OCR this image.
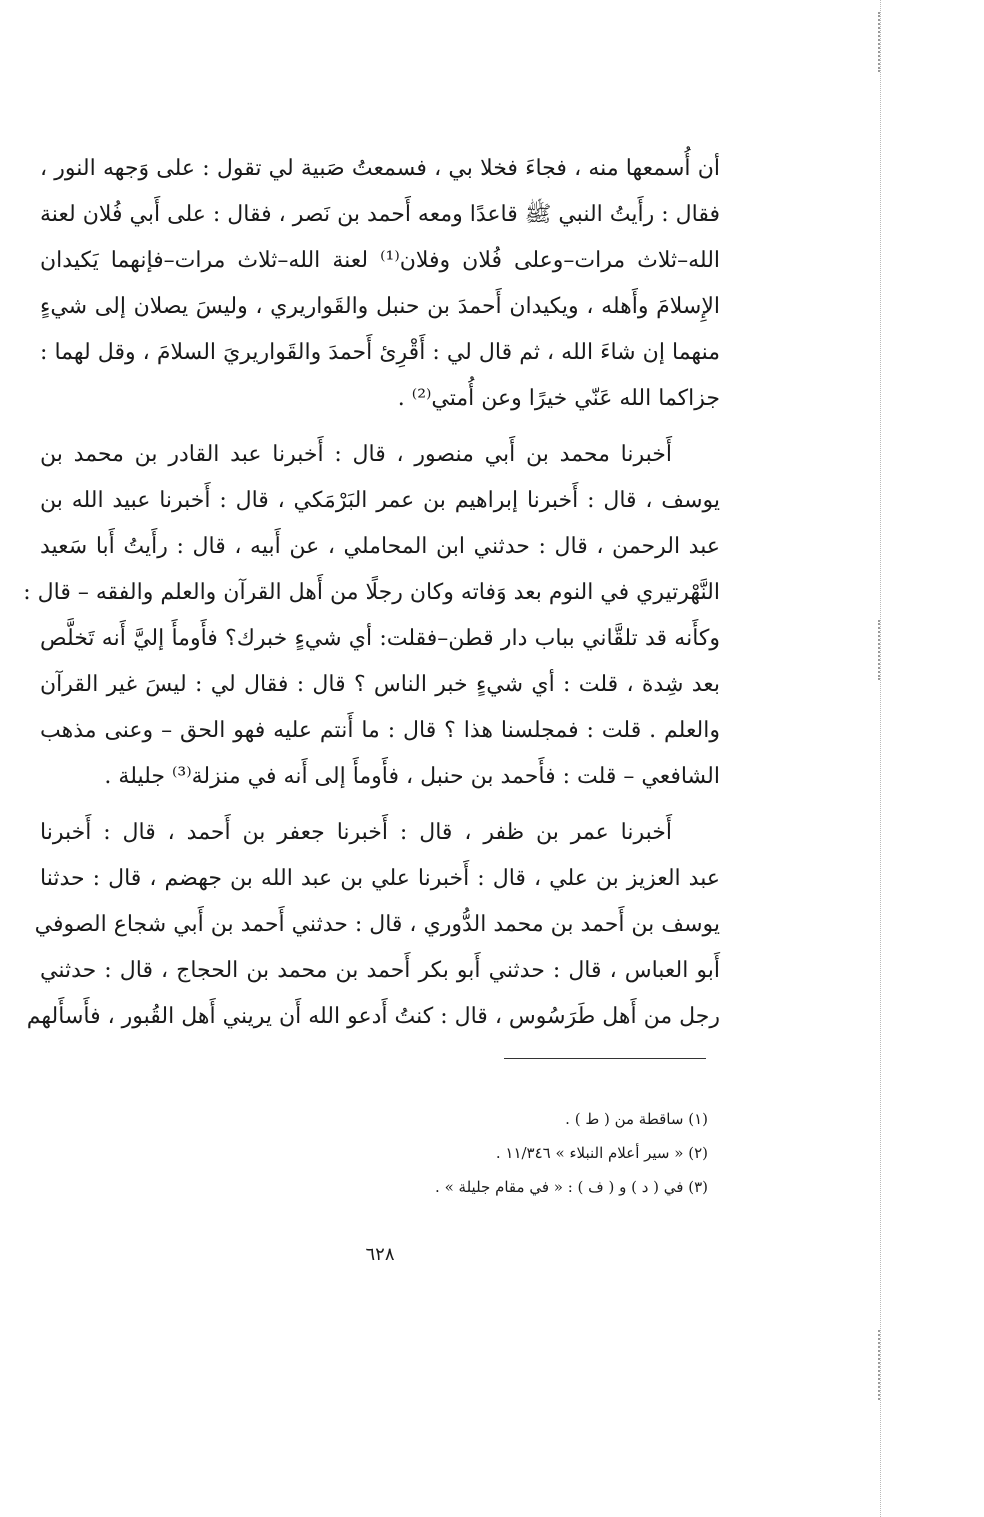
أن أُسمعها منه ، فجاءَ فخلا بي ، فسمعتُ صَبية لي تقول : على وَجهه النور ،
فقال : رأَيتُ النبي ﷺ قاعدًا ومعه أَحمد بن نَصر ، فقال : على أَبي فُلان لعنة
الله–ثلاث مرات–وعلى فُلان وفلان⁽¹⁾ لعنة الله–ثلاث مرات–فإنهما يَكيدان
الإِسلامَ وأَهله ، ويكيدان أَحمدَ بن حنبل والقَواريري ، وليسَ يصلان إلى شيءٍ
منهما إن شاءَ الله ، ثم قال لي : أَقْرِئ أَحمدَ والقَواريريَ السلامَ ، وقل لهما :
جزاكما الله عَنّي خيرًا وعن أُمتي⁽²⁾ .
أَخبرنا محمد بن أَبي منصور ، قال : أَخبرنا عبد القادر بن محمد بن
يوسف ، قال : أَخبرنا إبراهيم بن عمر البَرْمَكي ، قال : أَخبرنا عبيد الله بن
عبد الرحمن ، قال : حدثني ابن المحاملي ، عن أَبيه ، قال : رأَيتُ أَبا سَعيد
النَّهْرتيري في النوم بعد وَفاته وكان رجلًا من أَهل القرآن والعلم والفقه – قال :
وكأَنه قد تلقَّاني بباب دار قطن–فقلت: أي شيءٍ خبرك؟ فأَومأَ إليَّ أَنه تَخلَّص
بعد شِدة ، قلت : أي شيءٍ خبر الناس ؟ قال : فقال لي : ليسَ غير القرآن
والعلم . قلت : فمجلسنا هذا ؟ قال : ما أَنتم عليه فهو الحق – وعنى مذهب
الشافعي – قلت : فأَحمد بن حنبل ، فأَومأَ إلى أَنه في منزلة⁽³⁾ جليلة .
أَخبرنا عمر بن ظفر ، قال : أَخبرنا جعفر بن أَحمد ، قال : أَخبرنا
عبد العزيز بن علي ، قال : أَخبرنا علي بن عبد الله بن جهضم ، قال : حدثنا
يوسف بن أَحمد بن محمد الدُّوري ، قال : حدثني أَحمد بن أَبي شجاع الصوفي
أَبو العباس ، قال : حدثني أَبو بكر أَحمد بن محمد بن الحجاج ، قال : حدثني
رجل من أَهل طَرَسُوس ، قال : كنتُ أَدعو الله أَن يريني أَهل القُبور ، فأَسأَلهم
(١) ساقطة من ( ط ) .
(٢) « سير أعلام النبلاء » ١١/٣٤٦ .
(٣) في ( د ) و ( ف ) : « في مقام جليلة » .
٦٢٨
